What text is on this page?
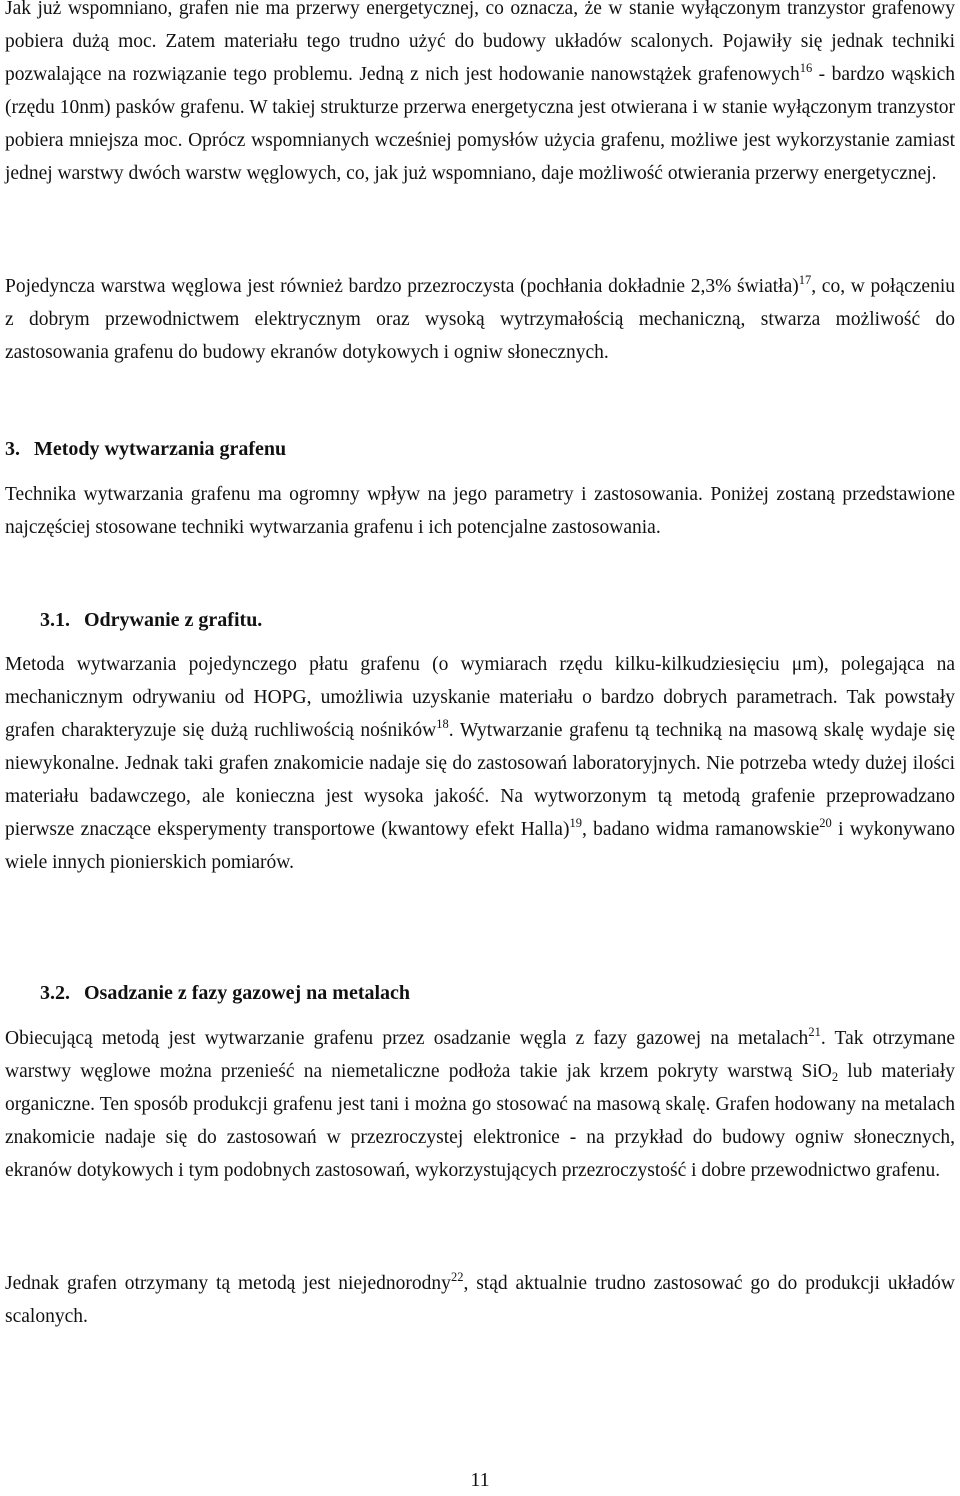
Jak już wspomniano, grafen nie ma przerwy energetycznej, co oznacza, że w stanie wyłączonym tranzystor grafenowy pobiera dużą moc. Zatem materiału tego trudno użyć do budowy układów scalonych. Pojawiły się jednak techniki pozwalające na rozwiązanie tego problemu. Jedną z nich jest hodowanie nanowstążek grafenowych$^{16}$ - bardzo wąskich (rzędu 10nm) pasków grafenu. W takiej strukturze przerwa energetyczna jest otwierana i w stanie wyłączonym tranzystor pobiera mniejsza moc. Oprócz wspomnianych wcześniej pomysłów użycia grafenu, możliwe jest wykorzystanie zamiast jednej warstwy dwóch warstw węglowych, co, jak już wspomniano, daje możliwość otwierania przerwy energetycznej.

Pojedyncza warstwa węglowa jest również bardzo przezroczysta (pochłania dokładnie 2,3% światła)$^{17}$, co, w połączeniu z dobrym przewodnictwem elektrycznym oraz wysoką wytrzymałością mechaniczną, stwarza możliwość do zastosowania grafenu do budowy ekranów dotykowych i ogniw słonecznych.

3. Metody wytwarzania grafenu

Technika wytwarzania grafenu ma ogromny wpływ na jego parametry i zastosowania. Poniżej zostaną przedstawione najczęściej stosowane techniki wytwarzania grafenu i ich potencjalne zastosowania.

3.1. Odrywanie z grafitu.

Metoda wytwarzania pojedynczego płatu grafenu (o wymiarach rzędu kilku-kilkudziesięciu μm), polegająca na mechanicznym odrywaniu od HOPG, umożliwia uzyskanie materiału o bardzo dobrych parametrach. Tak powstały grafen charakteryzuje się dużą ruchliwością nośników$^{18}$. Wytwarzanie grafenu tą techniką na masową skalę wydaje się niewykonalne. Jednak taki grafen znakomicie nadaje się do zastosowań laboratoryjnych. Nie potrzeba wtedy dużej ilości materiału badawczego, ale konieczna jest wysoka jakość. Na wytworzonym tą metodą grafenie przeprowadzano pierwsze znaczące eksperymenty transportowe (kwantowy efekt Halla)$^{19}$, badano widma ramanowskie$^{20}$ i wykonywano wiele innych pionierskich pomiarów.

3.2. Osadzanie z fazy gazowej na metalach

Obiecującą metodą jest wytwarzanie grafenu przez osadzanie węgla z fazy gazowej na metalach$^{21}$. Tak otrzymane warstwy węglowe można przenieść na niemetaliczne podłoża takie jak krzem pokryty warstwą SiO$_2$ lub materiały organiczne. Ten sposób produkcji grafenu jest tani i można go stosować na masową skalę. Grafen hodowany na metalach znakomicie nadaje się do zastosowań w przezroczystej elektronice - na przykład do budowy ogniw słonecznych, ekranów dotykowych i tym podobnych zastosowań, wykorzystujących przezroczystość i dobre przewodnictwo grafenu.

Jednak grafen otrzymany tą metodą jest niejednorodny$^{22}$, stąd aktualnie trudno zastosować go do produkcji układów scalonych.

11
